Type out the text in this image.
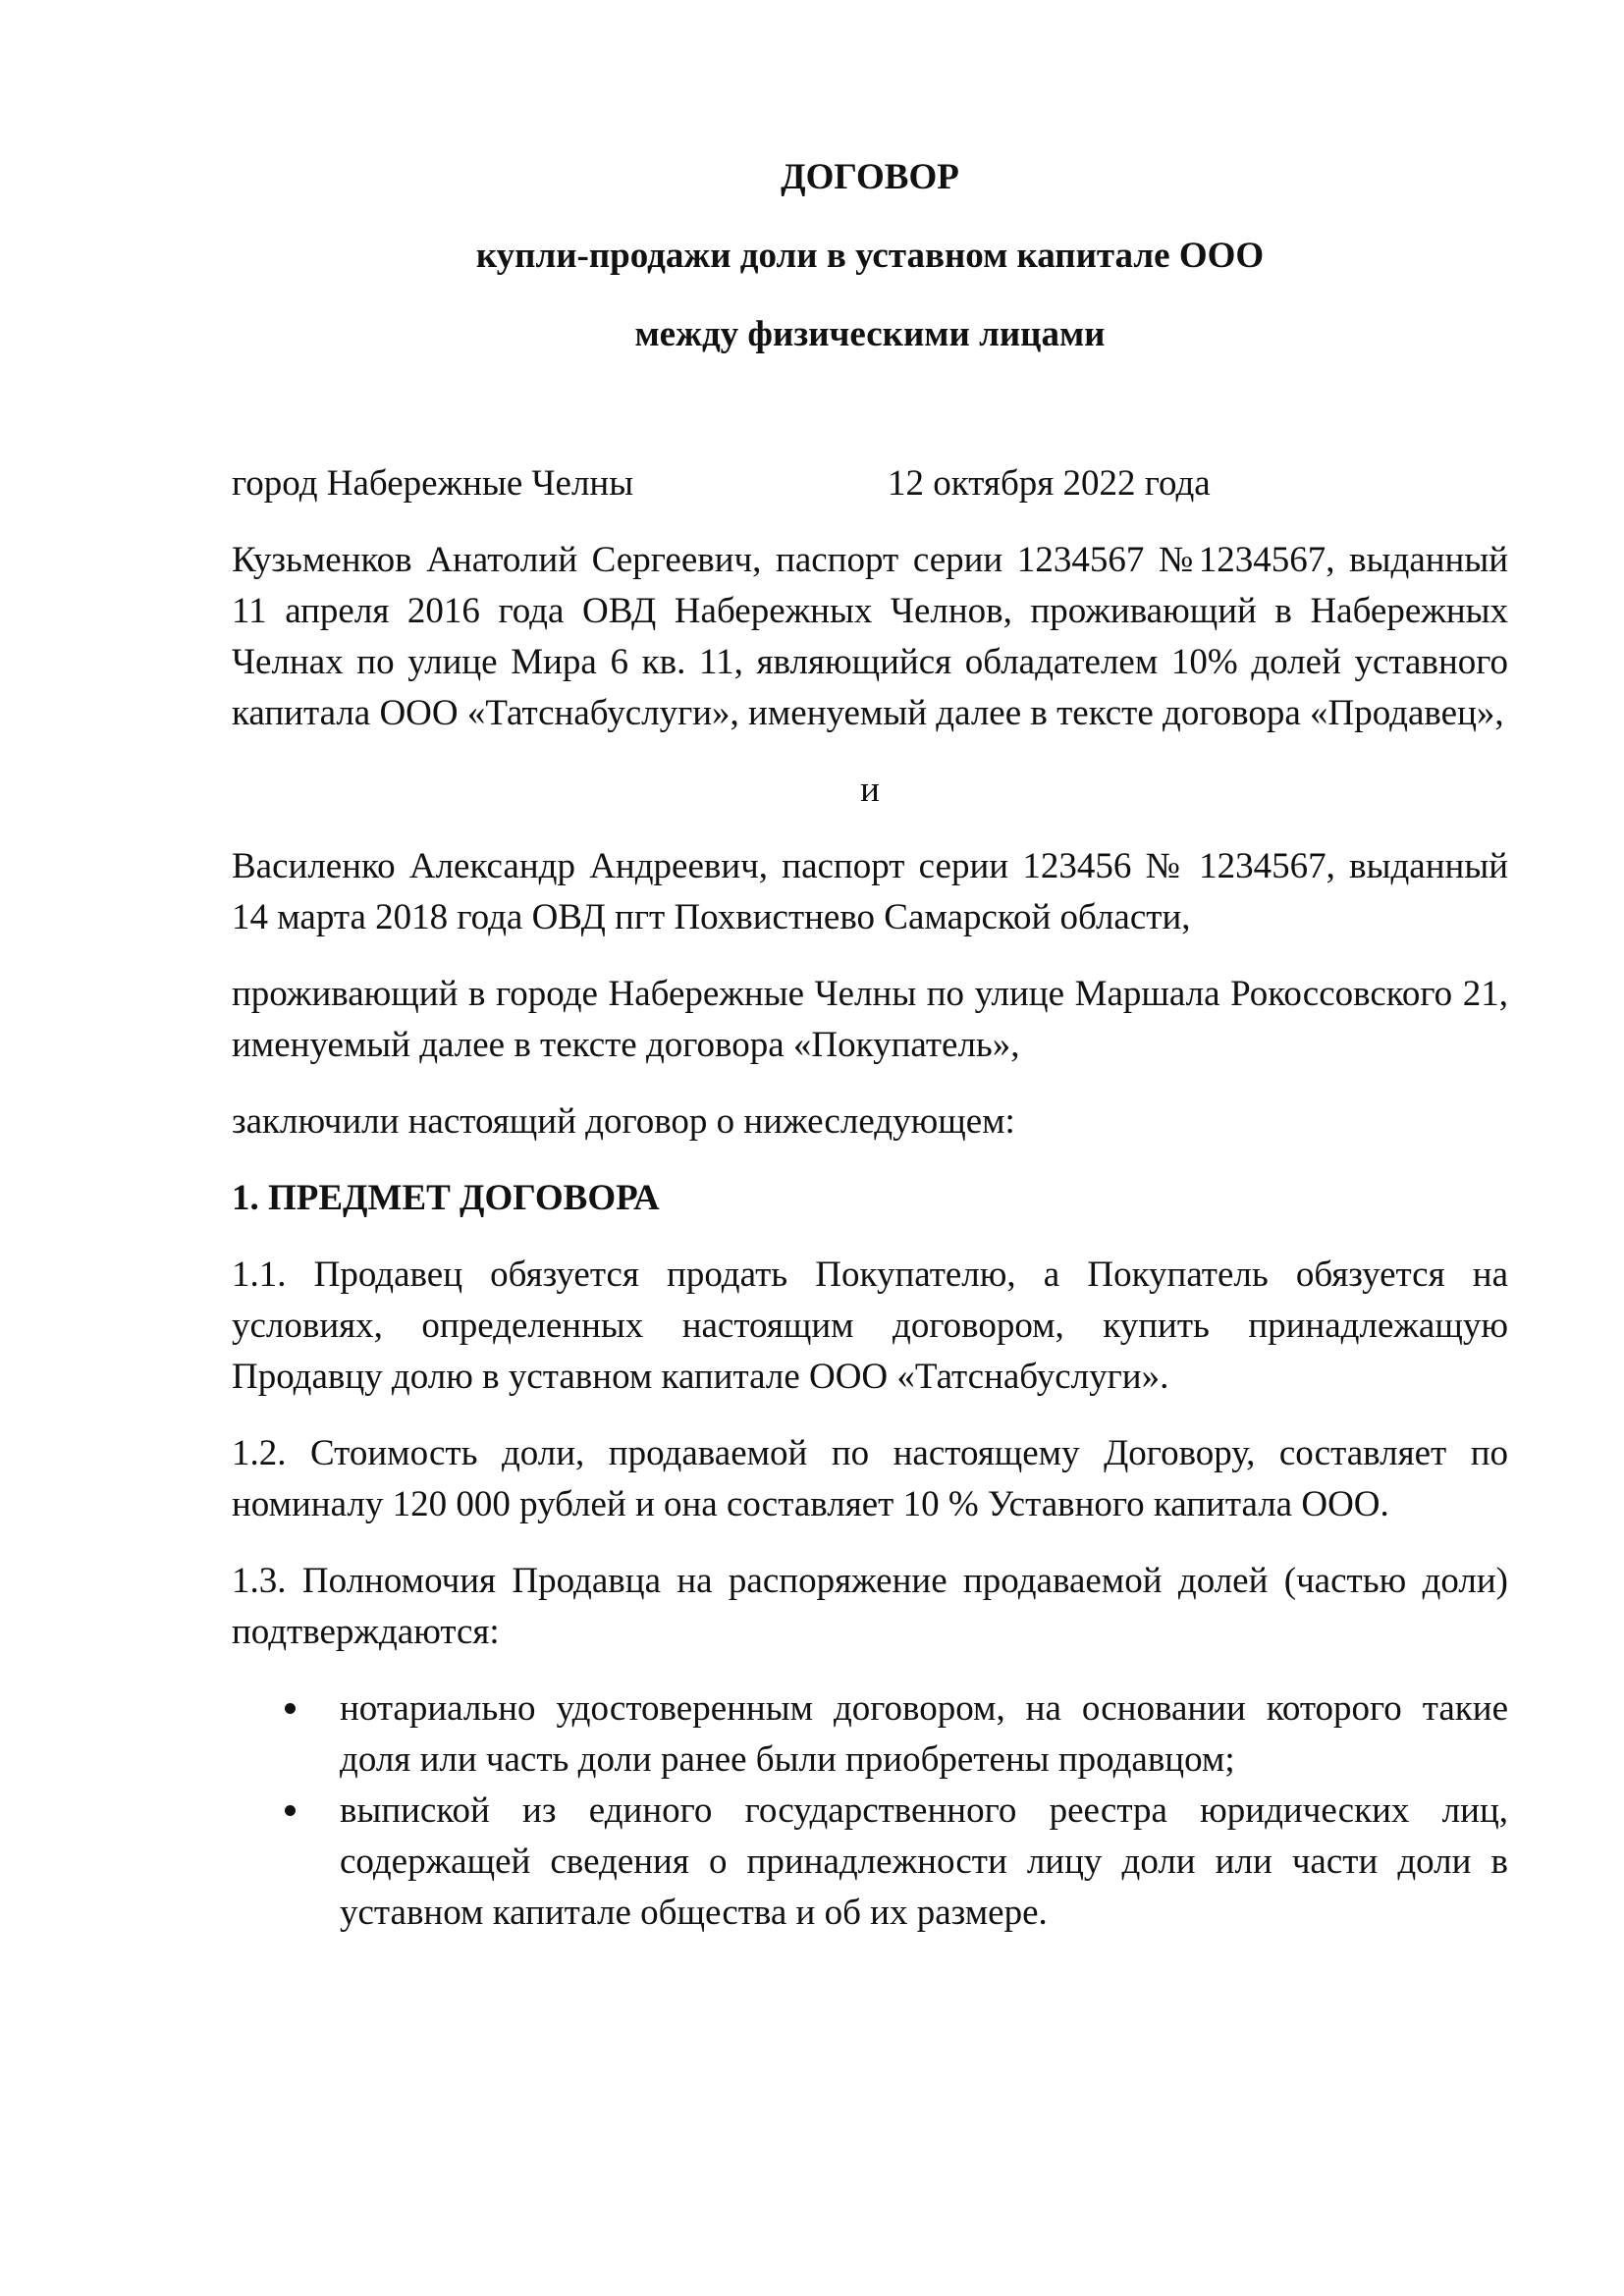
ДОГОВОР

купли-продажи доли в уставном капитале ООО

между физическими лицами

город Набережные Челны	12 октября 2022 года

Кузьменков Анатолий Сергеевич, паспорт серии 1234567 №1234567, выданный 11 апреля 2016 года ОВД Набережных Челнов, проживающий в Набережных Челнах по улице Мира 6 кв. 11, являющийся обладателем 10% долей уставного капитала ООО «Татснабуслуги», именуемый далее в тексте договора «Продавец»,

и

Василенко Александр Андреевич, паспорт серии 123456 № 1234567, выданный 14 марта 2018 года ОВД пгт Похвистнево Самарской области,

проживающий в городе Набережные Челны по улице Маршала Рокоссовского 21, именуемый далее в тексте договора «Покупатель»,

заключили настоящий договор о нижеследующем:

1. ПРЕДМЕТ ДОГОВОРА

1.1. Продавец обязуется продать Покупателю, а Покупатель обязуется на условиях, определенных настоящим договором, купить принадлежащую Продавцу долю в уставном капитале ООО «Татснабуслуги».

1.2. Стоимость доли, продаваемой по настоящему Договору, составляет по номиналу 120 000 рублей и она составляет 10 % Уставного капитала ООО.

1.3. Полномочия Продавца на распоряжение продаваемой долей (частью доли) подтверждаются:

нотариально удостоверенным договором, на основании которого такие доля или часть доли ранее были приобретены продавцом;
выпиской из единого государственного реестра юридических лиц, содержащей сведения о принадлежности лицу доли или части доли в уставном капитале общества и об их размере.
